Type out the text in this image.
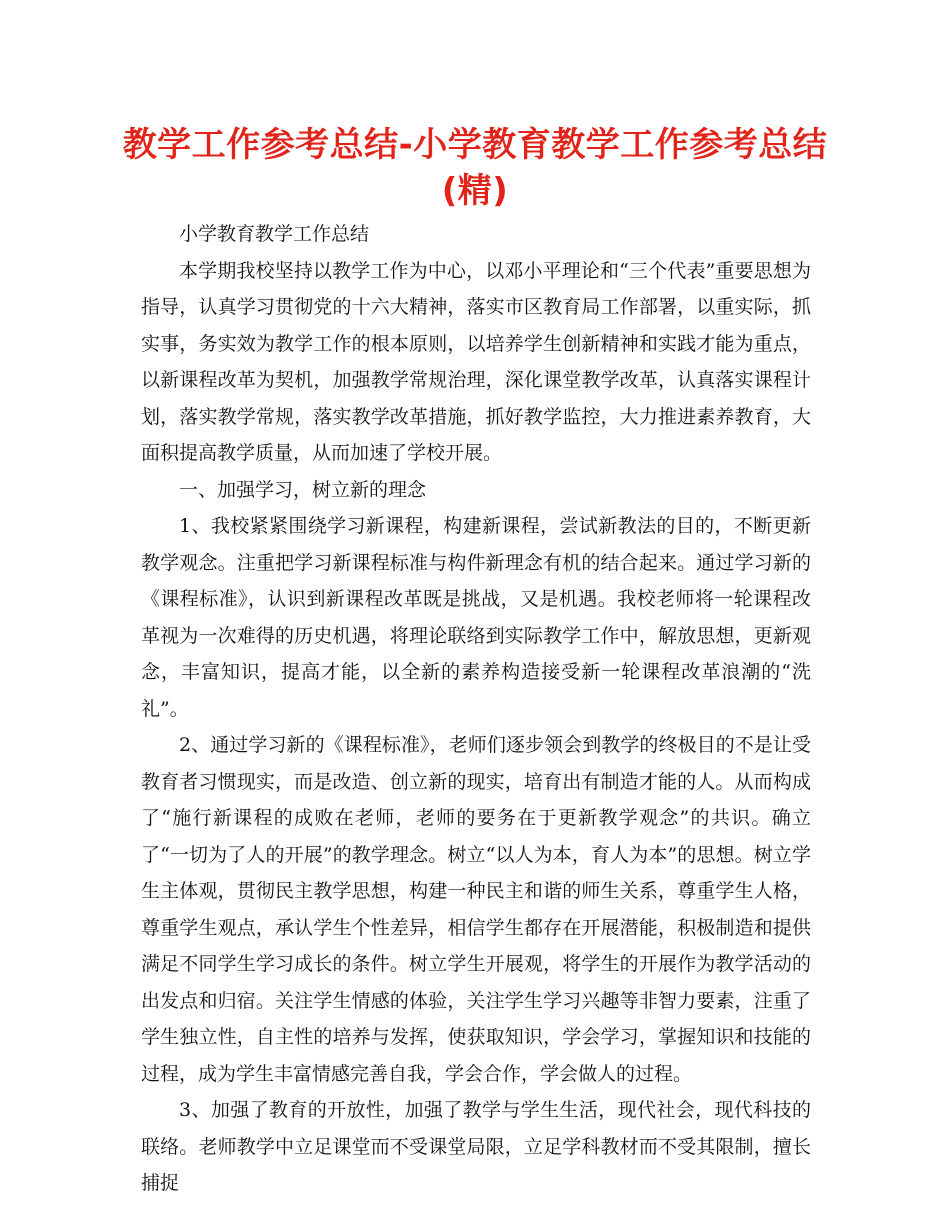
教学工作参考总结-小学教育教学工作参考总结
(精)

小学教育教学工作总结

本学期我校坚持以教学工作为中心，以邓小平理论和“三个代表”重要思想为指导，认真学习贯彻党的十六大精神，落实市区教育局工作部署，以重实际，抓实事，务实效为教学工作的根本原则，以培养学生创新精神和实践才能为重点，以新课程改革为契机，加强教学常规治理，深化课堂教学改革，认真落实课程计划，落实教学常规，落实教学改革措施，抓好教学监控，大力推进素养教育，大面积提高教学质量，从而加速了学校开展。

一、加强学习，树立新的理念

1、我校紧紧围绕学习新课程，构建新课程，尝试新教法的目的，不断更新教学观念。注重把学习新课程标准与构件新理念有机的结合起来。通过学习新的《课程标准》，认识到新课程改革既是挑战，又是机遇。我校老师将一轮课程改革视为一次难得的历史机遇，将理论联络到实际教学工作中，解放思想，更新观念，丰富知识，提高才能，以全新的素养构造接受新一轮课程改革浪潮的“洗礼”。

2、通过学习新的《课程标准》，老师们逐步领会到教学的终极目的不是让受教育者习惯现实，而是改造、创立新的现实，培育出有制造才能的人。从而构成了“施行新课程的成败在老师，老师的要务在于更新教学观念”的共识。确立了“一切为了人的开展”的教学理念。树立“以人为本，育人为本”的思想。树立学生主体观，贯彻民主教学思想，构建一种民主和谐的师生关系，尊重学生人格，尊重学生观点，承认学生个性差异，相信学生都存在开展潜能，积极制造和提供满足不同学生学习成长的条件。树立学生开展观，将学生的开展作为教学活动的出发点和归宿。关注学生情感的体验，关注学生学习兴趣等非智力要素，注重了学生独立性，自主性的培养与发挥，使获取知识，学会学习，掌握知识和技能的过程，成为学生丰富情感完善自我，学会合作，学会做人的过程。

3、加强了教育的开放性，加强了教学与学生生活，现代社会，现代科技的联络。老师教学中立足课堂而不受课堂局限，立足学科教材而不受其限制，擅长捕捉
